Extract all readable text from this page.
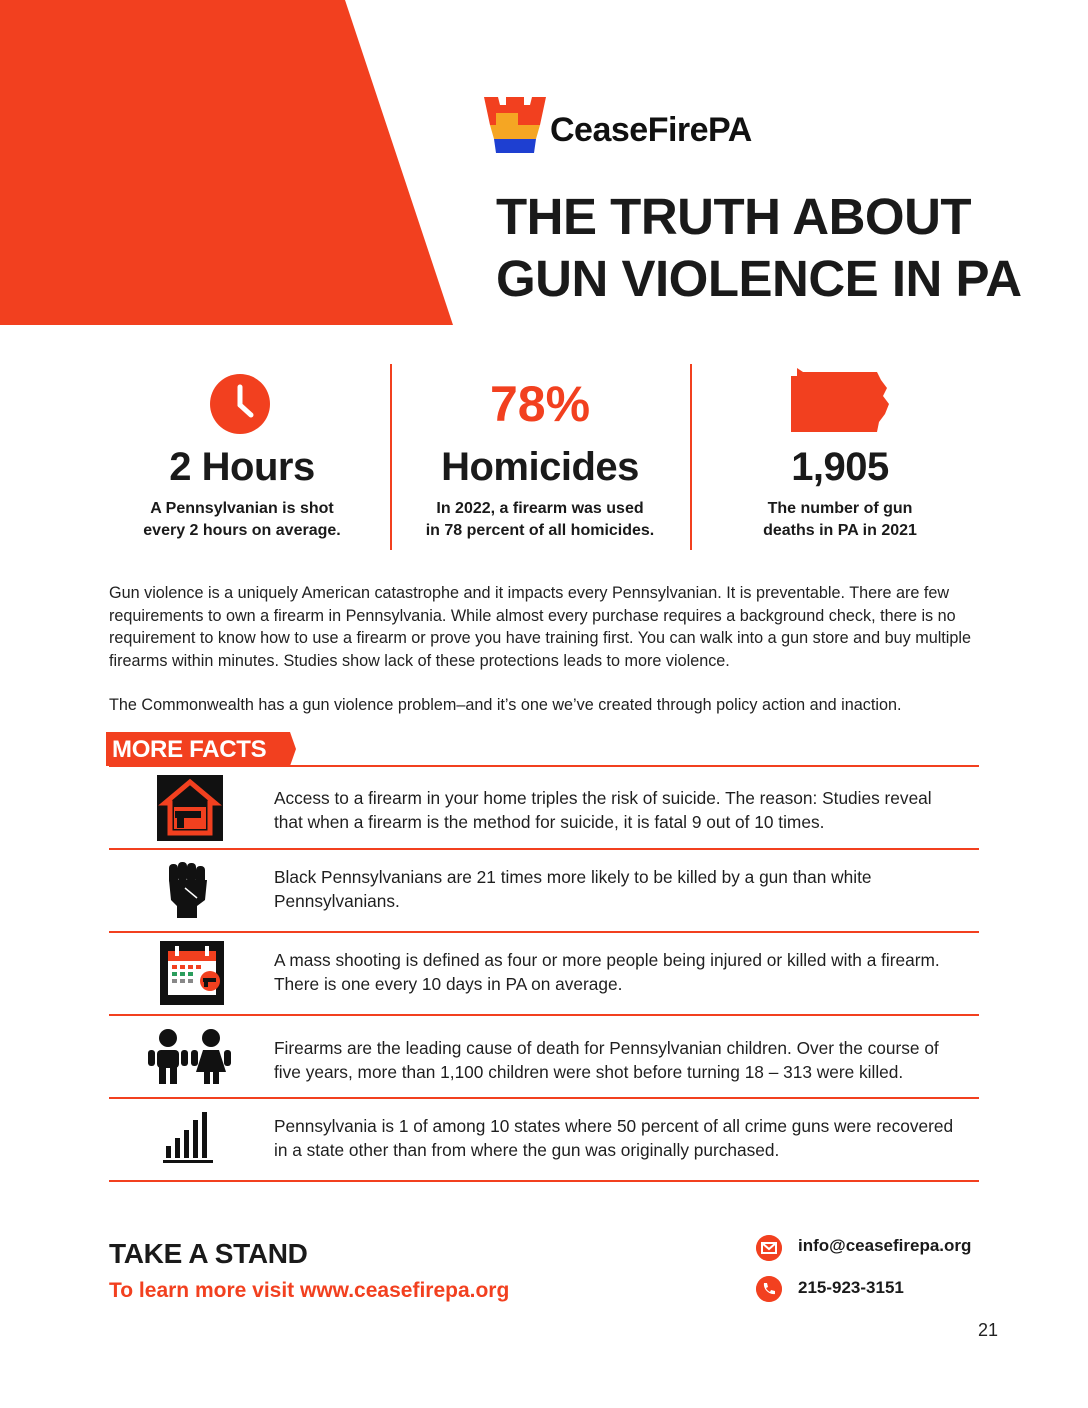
CeaseFirePA
THE TRUTH ABOUT
GUN VIOLENCE IN PA
2 Hours
A Pennsylvanian is shot
every 2 hours on average.
78%
Homicides
In 2022, a firearm was used
in 78 percent of all homicides.
1,905
The number of gun
deaths in PA in 2021

Gun violence is a uniquely American catastrophe and it impacts every Pennsylvanian. It is preventable. There are few requirements to own a firearm in Pennsylvania. While almost every purchase requires a background check, there is no requirement to know how to use a firearm or prove you have training first. You can walk into a gun store and buy multiple firearms within minutes. Studies show lack of these protections leads to more violence.

The Commonwealth has a gun violence problem–and it’s one we’ve created through policy action and inaction.

MORE FACTS

Access to a firearm in your home triples the risk of suicide. The reason: Studies reveal that when a firearm is the method for suicide, it is fatal 9 out of 10 times.

Black Pennsylvanians are 21 times more likely to be killed by a gun than white Pennsylvanians.

A mass shooting is defined as four or more people being injured or killed with a firearm. There is one every 10 days in PA on average.

Firearms are the leading cause of death for Pennsylvanian children. Over the course of five years, more than 1,100 children were shot before turning 18 – 313 were killed.

Pennsylvania is 1 of among 10 states where 50 percent of all crime guns were recovered in a state other than from where the gun was originally purchased.

TAKE A STAND
To learn more visit www.ceasefirepa.org
info@ceasefirepa.org
215-923-3151
21
